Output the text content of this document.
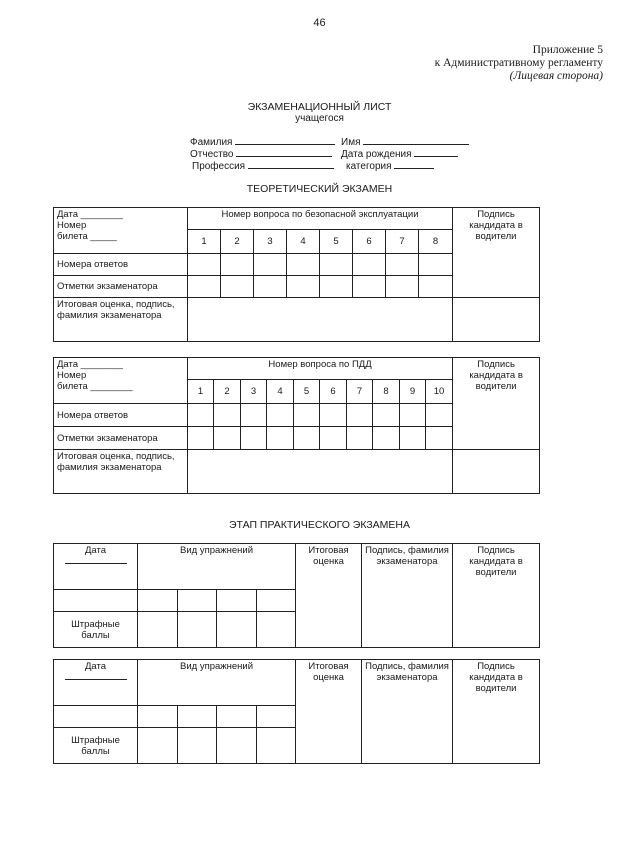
46
Приложение 5
к Административному регламенту
(Лицевая сторона)
ЭКЗАМЕНАЦИОННЫЙ ЛИСТ
учащегося
Фамилия	Имя
Отчество	Дата рождения
Профессия	категория
ТЕОРЕТИЧЕСКИЙ ЭКЗАМЕН
Дата ________
Номер
билета _____	Номер вопроса по безопасной эксплуатации								Подпись кандидата в водители
	1	2	3	4	5	6	7	8	
Номера ответов									
Отметки экзаменатора									
Итоговая оценка, подпись, фамилия экзаменатора									
Дата ________
Номер
билета ________	Номер вопроса по ПДД										Подпись кандидата в водители
	1	2	3	4	5	6	7	8	9	10	
Номера ответов											
Отметки экзаменатора											
Итоговая оценка, подпись, фамилия экзаменатора											
ЭТАП ПРАКТИЧЕСКОГО ЭКЗАМЕНА
Дата	Вид упражнений				Итоговая оценка	Подпись, фамилия экзаменатора	Подпись кандидата в водители

Штрафные баллы							
Дата	Вид упражнений				Итоговая оценка	Подпись, фамилия экзаменатора	Подпись кандидата в водители

Штрафные баллы							
